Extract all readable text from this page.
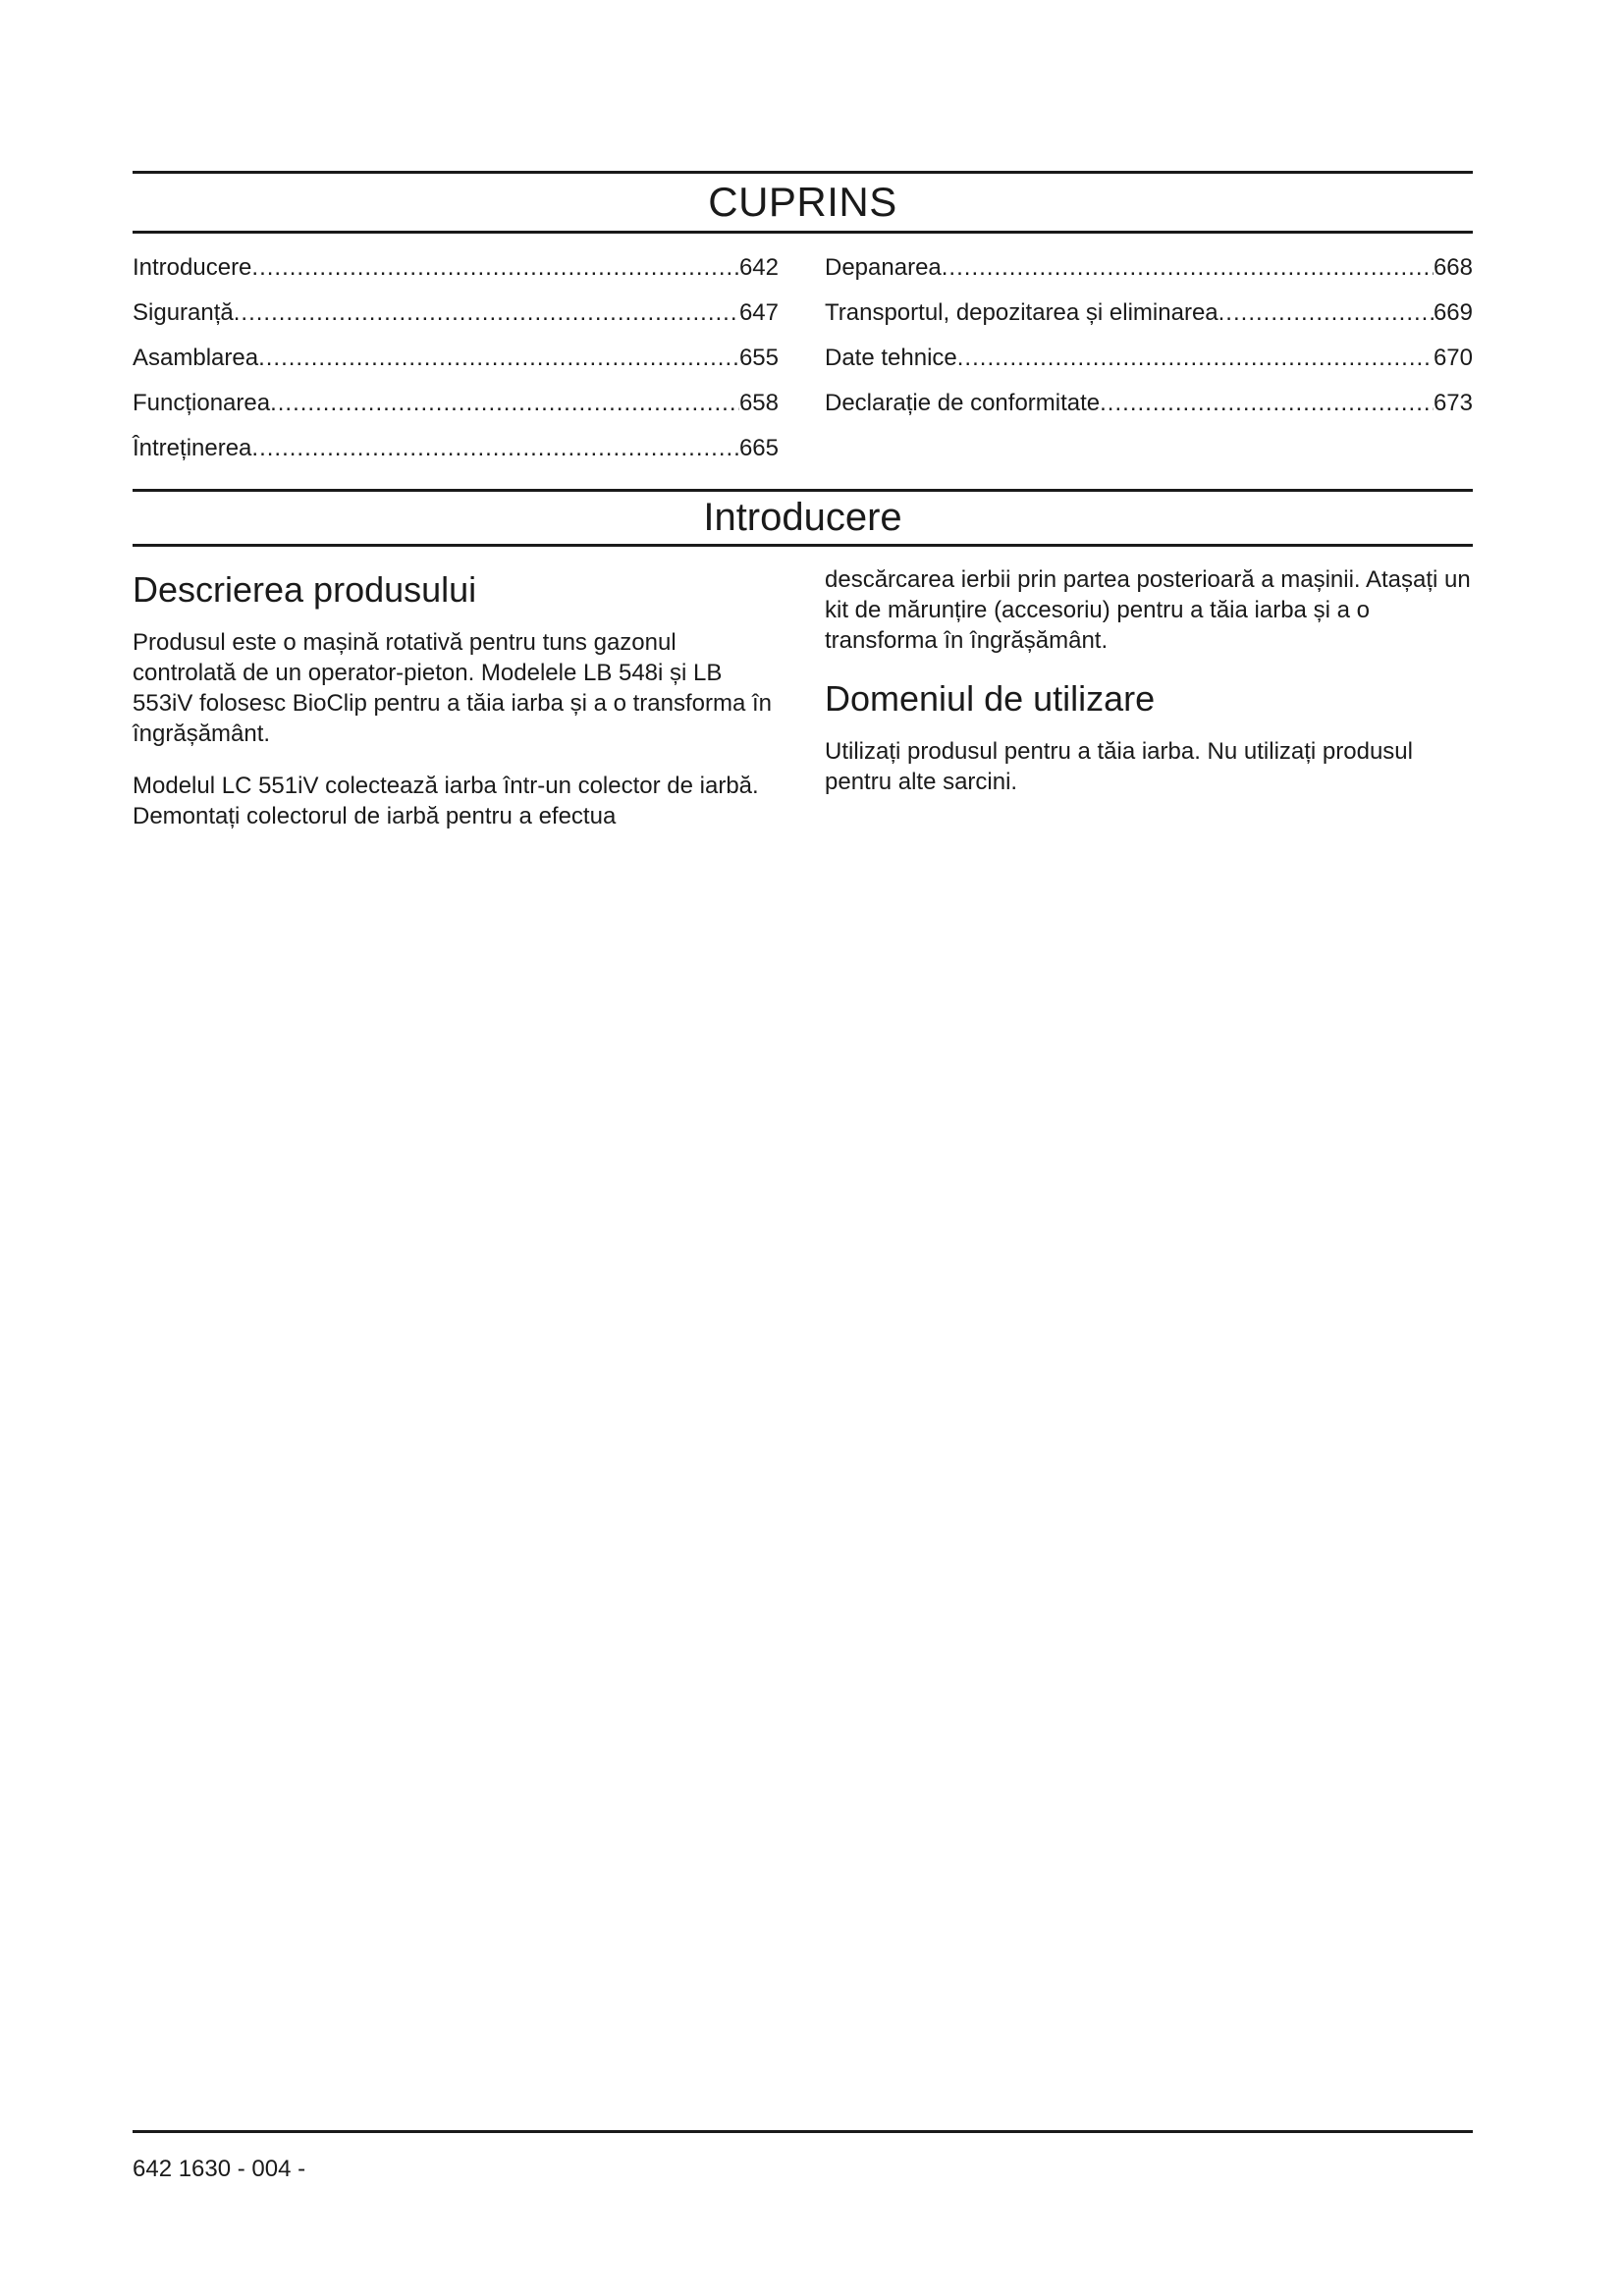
CUPRINS
Introducere .....	642
Siguranță .....	647
Asamblarea .....	655
Funcționarea .....	658
Întreținerea .....	665
Depanarea .....	668
Transportul, depozitarea și eliminarea .....	669
Date tehnice .....	670
Declarație de conformitate .....	673
Introducere
Descrierea produsului

Produsul este o mașină rotativă pentru tuns gazonul controlată de un operator-pieton. Modelele LB 548i și LB 553iV folosesc BioClip pentru a tăia iarba și a o transforma în îngrășământ.

Modelul LC 551iV colectează iarba într-un colector de iarbă. Demontați colectorul de iarbă pentru a efectua

descărcarea ierbii prin partea posterioară a mașinii. Atașați un kit de mărunțire (accesoriu) pentru a tăia iarba și a o transforma în îngrășământ.

Domeniul de utilizare

Utilizați produsul pentru a tăia iarba. Nu utilizați produsul pentru alte sarcini.

642 1630 - 004 -
